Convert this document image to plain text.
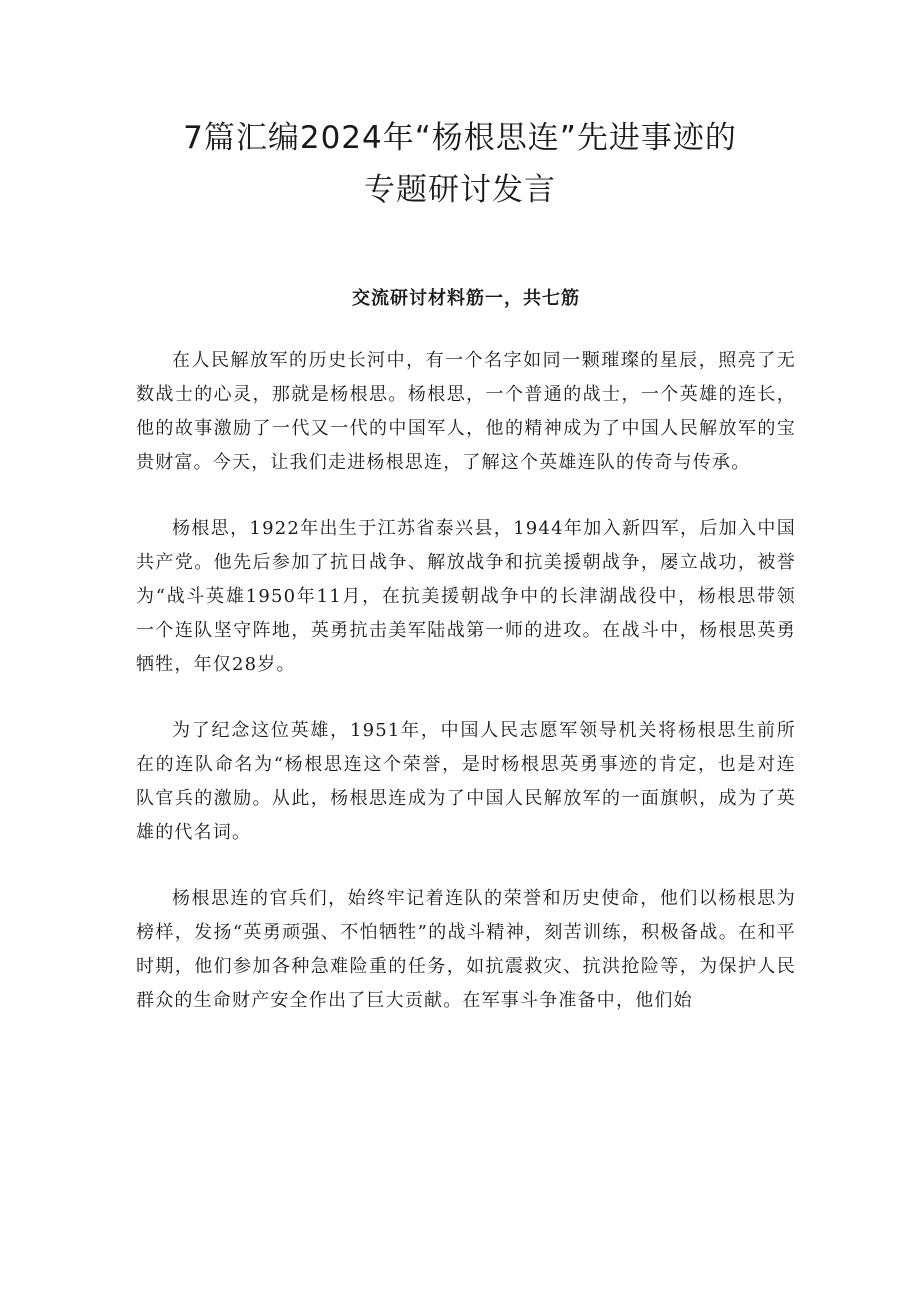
7篇汇编2024年“杨根思连”先进事迹的
专题研讨发言
交流研讨材料筋一，共七筋

在人民解放军的历史长河中，有一个名字如同一颗璀璨的星辰，照亮了无数战士的心灵，那就是杨根思。杨根思，一个普通的战士，一个英雄的连长，他的故事激励了一代又一代的中国军人，他的精神成为了中国人民解放军的宝贵财富。今天，让我们走进杨根思连，了解这个英雄连队的传奇与传承。

杨根思，1922年出生于江苏省泰兴县，1944年加入新四军，后加入中国共产党。他先后参加了抗日战争、解放战争和抗美援朝战争，屡立战功，被誉为“战斗英雄1950年11月，在抗美援朝战争中的长津湖战役中，杨根思带领一个连队坚守阵地，英勇抗击美军陆战第一师的进攻。在战斗中，杨根思英勇牺牲，年仅28岁。

为了纪念这位英雄，1951年，中国人民志愿军领导机关将杨根思生前所在的连队命名为“杨根思连这个荣誉，是时杨根思英勇事迹的肯定，也是对连队官兵的激励。从此，杨根思连成为了中国人民解放军的一面旗帜，成为了英雄的代名词。

杨根思连的官兵们，始终牢记着连队的荣誉和历史使命，他们以杨根思为榜样，发扬“英勇顽强、不怕牺牲”的战斗精神，刻苦训练，积极备战。在和平时期，他们参加各种急难险重的任务，如抗震救灾、抗洪抢险等，为保护人民群众的生命财产安全作出了巨大贡献。在军事斗争准备中，他们始
